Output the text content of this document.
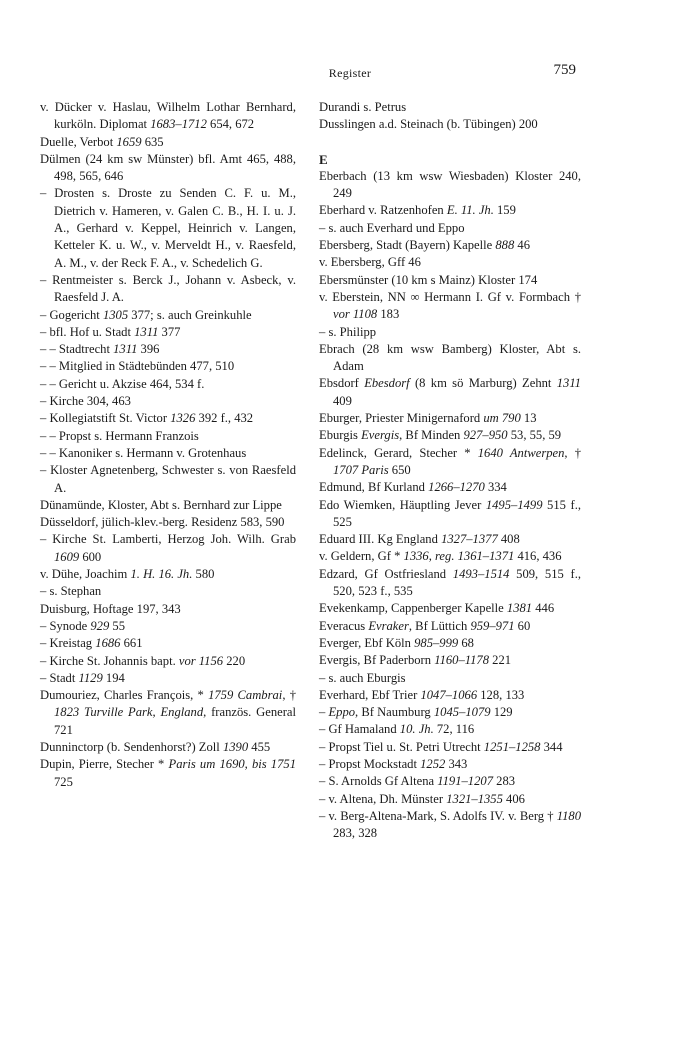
Register	759

v. Dücker v. Haslau, Wilhelm Lothar Bernhard, kurköln. Diplomat 1683–1712 654, 672

Duelle, Verbot 1659 635

Dülmen (24 km sw Münster) bfl. Amt 465, 488, 498, 565, 646

– Drosten s. Droste zu Senden C. F. u. M., Dietrich v. Hameren, v. Galen C. B., H. I. u. J. A., Gerhard v. Keppel, Heinrich v. Langen, Ketteler K. u. W., v. Merveldt H., v. Raesfeld, A. M., v. der Reck F. A., v. Schedelich G.

– Rentmeister s. Berck J., Johann v. Asbeck, v. Raesfeld J. A.

– Gogericht 1305 377; s. auch Greinkuhle

– bfl. Hof u. Stadt 1311 377

– – Stadtrecht 1311 396

– – Mitglied in Städtebünden 477, 510

– – Gericht u. Akzise 464, 534 f.

– Kirche 304, 463

– Kollegiatstift St. Victor 1326 392 f., 432

– – Propst s. Hermann Franzois

– – Kanoniker s. Hermann v. Grotenhaus

– Kloster Agnetenberg, Schwester s. von Raesfeld A.

Dünamünde, Kloster, Abt s. Bernhard zur Lippe

Düsseldorf, jülich-klev.-berg. Residenz 583, 590

– Kirche St. Lamberti, Herzog Joh. Wilh. Grab 1609 600

v. Dühe, Joachim 1. H. 16. Jh. 580

– s. Stephan

Duisburg, Hoftage 197, 343

– Synode 929 55

– Kreistag 1686 661

– Kirche St. Johannis bapt. vor 1156 220

– Stadt 1129 194

Dumouriez, Charles François, * 1759 Cambrai, † 1823 Turville Park, England, französ. General 721

Dunninctorp (b. Sendenhorst?) Zoll 1390 455

Dupin, Pierre, Stecher * Paris um 1690, bis 1751 725

Durandi s. Petrus

Dusslingen a.d. Steinach (b. Tübingen) 200

E

Eberbach (13 km wsw Wiesbaden) Kloster 240, 249

Eberhard v. Ratzenhofen E. 11. Jh. 159

– s. auch Everhard und Eppo

Ebersberg, Stadt (Bayern) Kapelle 888 46

v. Ebersberg, Gff 46

Ebersmünster (10 km s Mainz) Kloster 174

v. Eberstein, NN ∞ Hermann I. Gf v. Formbach † vor 1108 183

– s. Philipp

Ebrach (28 km wsw Bamberg) Kloster, Abt s. Adam

Ebsdorf Ebesdorf (8 km sö Marburg) Zehnt 1311 409

Eburger, Priester Minigernaford um 790 13

Eburgis Evergis, Bf Minden 927–950 53, 55, 59

Edelinck, Gerard, Stecher * 1640 Antwerpen, † 1707 Paris 650

Edmund, Bf Kurland 1266–1270 334

Edo Wiemken, Häuptling Jever 1495–1499 515 f., 525

Eduard III. Kg England 1327–1377 408

v. Geldern, Gf * 1336, reg. 1361–1371 416, 436

Edzard, Gf Ostfriesland 1493–1514 509, 515 f., 520, 523 f., 535

Evekenkamp, Cappenberger Kapelle 1381 446

Everacus Evraker, Bf Lüttich 959–971 60

Everger, Ebf Köln 985–999 68

Evergis, Bf Paderborn 1160–1178 221

– s. auch Eburgis

Everhard, Ebf Trier 1047–1066 128, 133

– Eppo, Bf Naumburg 1045–1079 129

– Gf Hamaland 10. Jh. 72, 116

– Propst Tiel u. St. Petri Utrecht 1251–1258 344

– Propst Mockstadt 1252 343

– S. Arnolds Gf Altena 1191–1207 283

– v. Altena, Dh. Münster 1321–1355 406

– v. Berg-Altena-Mark, S. Adolfs IV. v. Berg † 1180 283, 328
